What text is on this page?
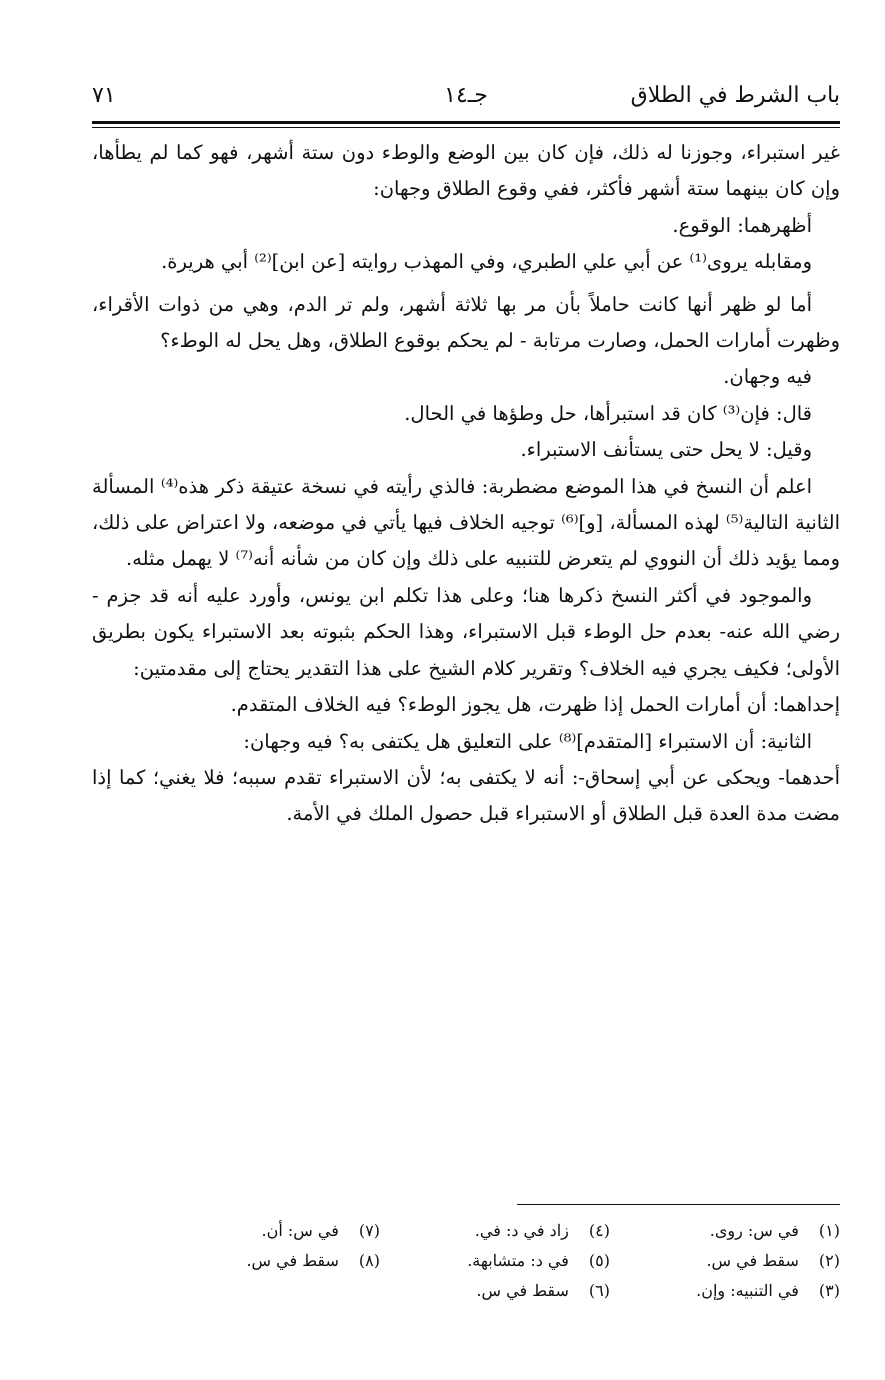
باب الشرط في الطلاق
جـ١٤
٧١

غير استبراء، وجوزنا له ذلك، فإن كان بين الوضع والوطء دون ستة أشهر، فهو كما لم يطأها، وإن كان بينهما ستة أشهر فأكثر، ففي وقوع الطلاق وجهان:

أظهرهما: الوقوع.

ومقابله يروى⁽¹⁾ عن أبي علي الطبري، وفي المهذب روايته [عن ابن]⁽²⁾ أبي هريرة.

أما لو ظهر أنها كانت حاملاً بأن مر بها ثلاثة أشهر، ولم تر الدم، وهي من ذوات الأقراء، وظهرت أمارات الحمل، وصارت مرتابة - لم يحكم بوقوع الطلاق، وهل يحل له الوطء؟

فيه وجهان.

قال: فإن⁽³⁾ كان قد استبرأها، حل وطؤها في الحال.

وقيل: لا يحل حتى يستأنف الاستبراء.

اعلم أن النسخ في هذا الموضع مضطربة: فالذي رأيته في نسخة عتيقة ذكر هذه⁽⁴⁾ المسألة الثانية التالية⁽⁵⁾ لهذه المسألة، [و]⁽⁶⁾ توجيه الخلاف فيها يأتي في موضعه، ولا اعتراض على ذلك، ومما يؤيد ذلك أن النووي لم يتعرض للتنبيه على ذلك وإن كان من شأنه أنه⁽⁷⁾ لا يهمل مثله.

والموجود في أكثر النسخ ذكرها هنا؛ وعلى هذا تكلم ابن يونس، وأورد عليه أنه قد جزم - رضي الله عنه- بعدم حل الوطء قبل الاستبراء، وهذا الحكم بثبوته بعد الاستبراء يكون بطريق الأولى؛ فكيف يجري فيه الخلاف؟ وتقرير كلام الشيخ على هذا التقدير يحتاج إلى مقدمتين:

إحداهما: أن أمارات الحمل إذا ظهرت، هل يجوز الوطء؟ فيه الخلاف المتقدم.

الثانية: أن الاستبراء [المتقدم]⁽⁸⁾ على التعليق هل يكتفى به؟ فيه وجهان:

أحدهما- ويحكى عن أبي إسحاق-: أنه لا يكتفى به؛ لأن الاستبراء تقدم سببه؛ فلا يغني؛ كما إذا مضت مدة العدة قبل الطلاق أو الاستبراء قبل حصول الملك في الأمة.

(١) في س: روى.
(٤) زاد في د: في.
(٧) في س: أن.
(٢) سقط في س.
(٥) في د: متشابهة.
(٨) سقط في س.
(٣) في التنبيه: وإن.
(٦) سقط في س.
